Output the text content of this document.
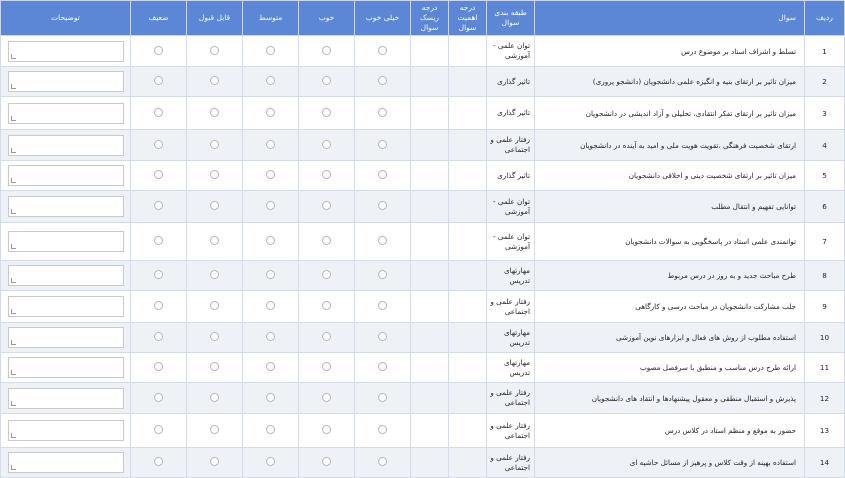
ردیف	سوال	طبقه بندی سوال	درجه اهمیت سوال	درجه ریسک سوال	خیلی خوب	خوب	متوسط	قابل قبول	ضعیف	توضیحات
1	تسلط و اشراف استاد بر موضوع درس	توان علمی - آموزشی								

2	میزان تاثیر بر ارتقای بنیه و انگیزه علمی دانشجویان (دانشجو پروری)	تاثیر گذاری								

3	میزان تاثیر بر ارتقای تفکر انتقادی، تحلیلی و آزاد اندیشی در دانشجویان	تاثیر گذاری								

4	ارتقای شخصیت فرهنگی ،تقویت هویت ملی و امید به آینده در دانشجویان	رفتار علمی و اجتماعی								

5	میزان تاثیر بر ارتقای شخصیت دینی و اخلاقی دانشجویان	تاثیر گذاری								

6	توانایی تفهیم و انتقال مطلب	توان علمی - آموزشی								

7	توانمندی علمی استاد در پاسخگویی به سوالات دانشجویان	توان علمی - آموزشی								

8	طرح مباحث جدید و به روز در درس مربوط	مهارتهای تدریس								

9	جلب مشارکت دانشجویان در مباحث درسی و کارگاهی	رفتار علمی و اجتماعی								

10	استفاده مطلوب از روش های فعال و ابزارهای نوین آموزشی	مهارتهای تدریس								

11	ارائه طرح درس مناسب و منطبق با سرفصل مصوب	مهارتهای تدریس								

12	پذیرش و استقبال منطقی و معقول پیشنهادها و انتقاد های دانشجویان	رفتار علمی و اجتماعی								

13	حضور به موقع و منظم استاد در کلاس درس	رفتار علمی و اجتماعی								

14	استفاده بهینه از وقت کلاس و پرهیز از مسائل حاشیه ای	رفتار علمی و اجتماعی								
